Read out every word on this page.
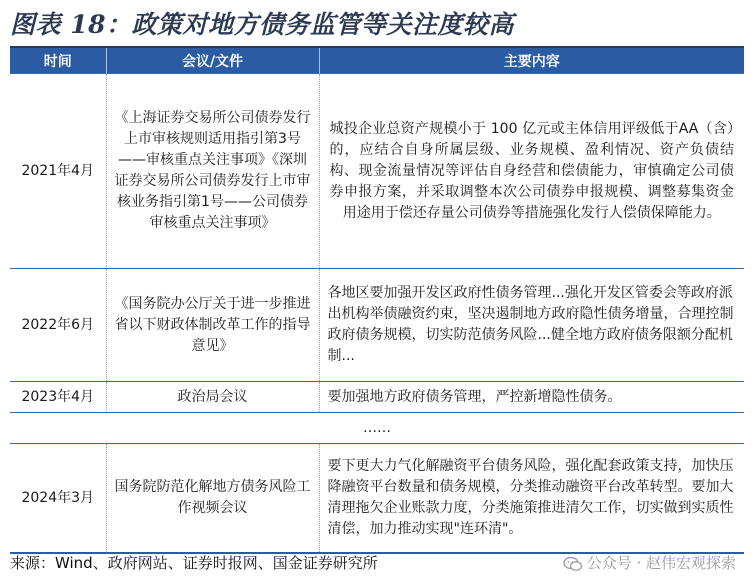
图表 18：政策对地方债务监管等关注度较高
时间	会议/文件	主要内容
2021年4月	《上海证券交易所公司债券发行上市审核规则适用指引第3号——审核重点关注事项》《深圳证券交易所公司债券发行上市审核业务指引第1号——公司债券审核重点关注事项》	城投企业总资产规模小于 100 亿元或主体信用评级低于AA（含）的，应结合自身所属层级、业务规模、盈利情况、资产负债结构、现金流量情况等评估自身经营和偿债能力，审慎确定公司债券申报方案，并采取调整本次公司债券申报规模、调整募集资金用途用于偿还存量公司债券等措施强化发行人偿债保障能力。
2022年6月	《国务院办公厅关于进一步推进省以下财政体制改革工作的指导意见》	各地区要加强开发区政府性债务管理...强化开发区管委会等政府派出机构举债融资约束，坚决遏制地方政府隐性债务增量，合理控制政府债务规模，切实防范债务风险...健全地方政府债务限额分配机制...
2023年4月	政治局会议	要加强地方政府债务管理，严控新增隐性债务。
……		
2024年3月	国务院防范化解地方债务风险工作视频会议	要下更大力气化解融资平台债务风险，强化配套政策支持，加快压降融资平台数量和债务规模，分类推动融资平台改革转型。要加大清理拖欠企业账款力度，分类施策推进清欠工作，切实做到实质性清偿，加力推动实现"连环清"。
来源：Wind、政府网站、证券时报网、国金证券研究所	公众号 · 赵伟宏观探索
